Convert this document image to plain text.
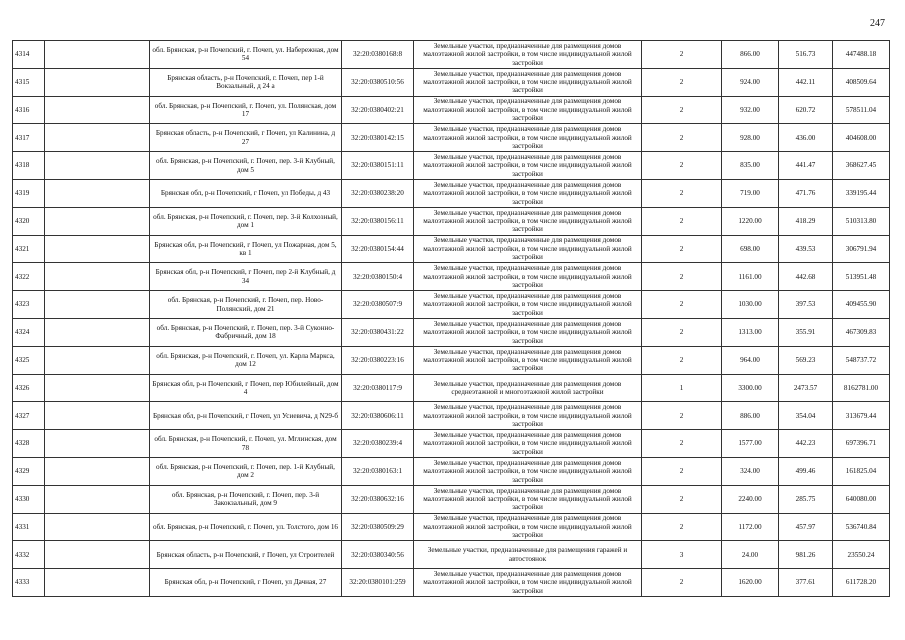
247
4314		обл. Брянская, р-н Почепский, г. Почеп, ул. Набережная, дом 54	32:20:0380168:8	Земельные участки, предназначенные для размещения домов малоэтажной жилой застройки, в том числе индивидуальной жилой застройки	2	866.00	516.73	447488.18
4315		Брянская область, р-н Почепский, г. Почеп, пер 1-й Вокзальный, д 24 а	32:20:0380510:56	Земельные участки, предназначенные для размещения домов малоэтажной жилой застройки, в том числе индивидуальной жилой застройки	2	924.00	442.11	408509.64
4316		обл. Брянская, р-н Почепский, г. Почеп, ул. Полянская, дом 17	32:20:0380402:21	Земельные участки, предназначенные для размещения домов малоэтажной жилой застройки, в том числе индивидуальной жилой застройки	2	932.00	620.72	578511.04
4317		Брянская область, р-н Почепский, г Почеп, ул Калинина, д 27	32:20:0380142:15	Земельные участки, предназначенные для размещения домов малоэтажной жилой застройки, в том числе индивидуальной жилой застройки	2	928.00	436.00	404608.00
4318		обл. Брянская, р-н Почепский, г. Почеп, пер. 3-й Клубный, дом 5	32:20:0380151:11	Земельные участки, предназначенные для размещения домов малоэтажной жилой застройки, в том числе индивидуальной жилой застройки	2	835.00	441.47	368627.45
4319		Брянская обл, р-н Почепский, г Почеп, ул Победы, д 43	32:20:0380238:20	Земельные участки, предназначенные для размещения домов малоэтажной жилой застройки, в том числе индивидуальной жилой застройки	2	719.00	471.76	339195.44
4320		обл. Брянская, р-н Почепский, г. Почеп, пер. 3-й Колхозный, дом 1	32:20:0380156:11	Земельные участки, предназначенные для размещения домов малоэтажной жилой застройки, в том числе индивидуальной жилой застройки	2	1220.00	418.29	510313.80
4321		Брянская обл, р-н Почепский, г Почеп, ул Пожарная, дом 5, кв 1	32:20:0380154:44	Земельные участки, предназначенные для размещения домов малоэтажной жилой застройки, в том числе индивидуальной жилой застройки	2	698.00	439.53	306791.94
4322		Брянская обл, р-н Почепский, г Почеп, пер 2-й Клубный, д 34	32:20:0380150:4	Земельные участки, предназначенные для размещения домов малоэтажной жилой застройки, в том числе индивидуальной жилой застройки	2	1161.00	442.68	513951.48
4323		обл. Брянская, р-н Почепский, г. Почеп, пер. Ново-Полянский, дом 21	32:20:0380507:9	Земельные участки, предназначенные для размещения домов малоэтажной жилой застройки, в том числе индивидуальной жилой застройки	2	1030.00	397.53	409455.90
4324		обл. Брянская, р-н Почепский, г. Почеп, пер. 3-й Суконно-Фабричный, дом 18	32:20:0380431:22	Земельные участки, предназначенные для размещения домов малоэтажной жилой застройки, в том числе индивидуальной жилой застройки	2	1313.00	355.91	467309.83
4325		обл. Брянская, р-н Почепский, г. Почеп, ул. Карла Маркса, дом 12	32:20:0380223:16	Земельные участки, предназначенные для размещения домов малоэтажной жилой застройки, в том числе индивидуальной жилой застройки	2	964.00	569.23	548737.72
4326		Брянская обл, р-н Почепский, г Почеп, пер Юбилейный, дом 4	32:20:0380117:9	Земельные участки, предназначенные для размещения домов среднеэтажной и многоэтажной жилой застройки	1	3300.00	2473.57	8162781.00
4327		Брянская обл, р-н Почепский, г Почеп, ул Усиевича, д N29-б	32:20:0380606:11	Земельные участки, предназначенные для размещения домов малоэтажной жилой застройки, в том числе индивидуальной жилой застройки	2	886.00	354.04	313679.44
4328		обл. Брянская, р-н Почепский, г. Почеп, ул. Мглинская, дом 78	32:20:0380239:4	Земельные участки, предназначенные для размещения домов малоэтажной жилой застройки, в том числе индивидуальной жилой застройки	2	1577.00	442.23	697396.71
4329		обл. Брянская, р-н Почепский, г. Почеп, пер. 1-й Клубный, дом 2	32:20:0380163:1	Земельные участки, предназначенные для размещения домов малоэтажной жилой застройки, в том числе индивидуальной жилой застройки	2	324.00	499.46	161825.04
4330		обл. Брянская, р-н Почепский, г. Почеп, пер. 3-й Закокзальный, дом 9	32:20:0380632:16	Земельные участки, предназначенные для размещения домов малоэтажной жилой застройки, в том числе индивидуальной жилой застройки	2	2240.00	285.75	640080.00
4331		обл. Брянская, р-н Почепский, г. Почеп, ул. Толстого, дом 16	32:20:0380509:29	Земельные участки, предназначенные для размещения домов малоэтажной жилой застройки, в том числе индивидуальной жилой застройки	2	1172.00	457.97	536740.84
4332		Брянская область, р-н Почепский, г Почеп, ул Строителей	32:20:0380340:56	Земельные участки, предназначенные для размещения гаражей и автостоянок	3	24.00	981.26	23550.24
4333		Брянская обл, р-н Почепский, г Почеп, ул Дачная, 27	32:20:0380101:259	Земельные участки, предназначенные для размещения домов малоэтажной жилой застройки, в том числе индивидуальной жилой застройки	2	1620.00	377.61	611728.20
